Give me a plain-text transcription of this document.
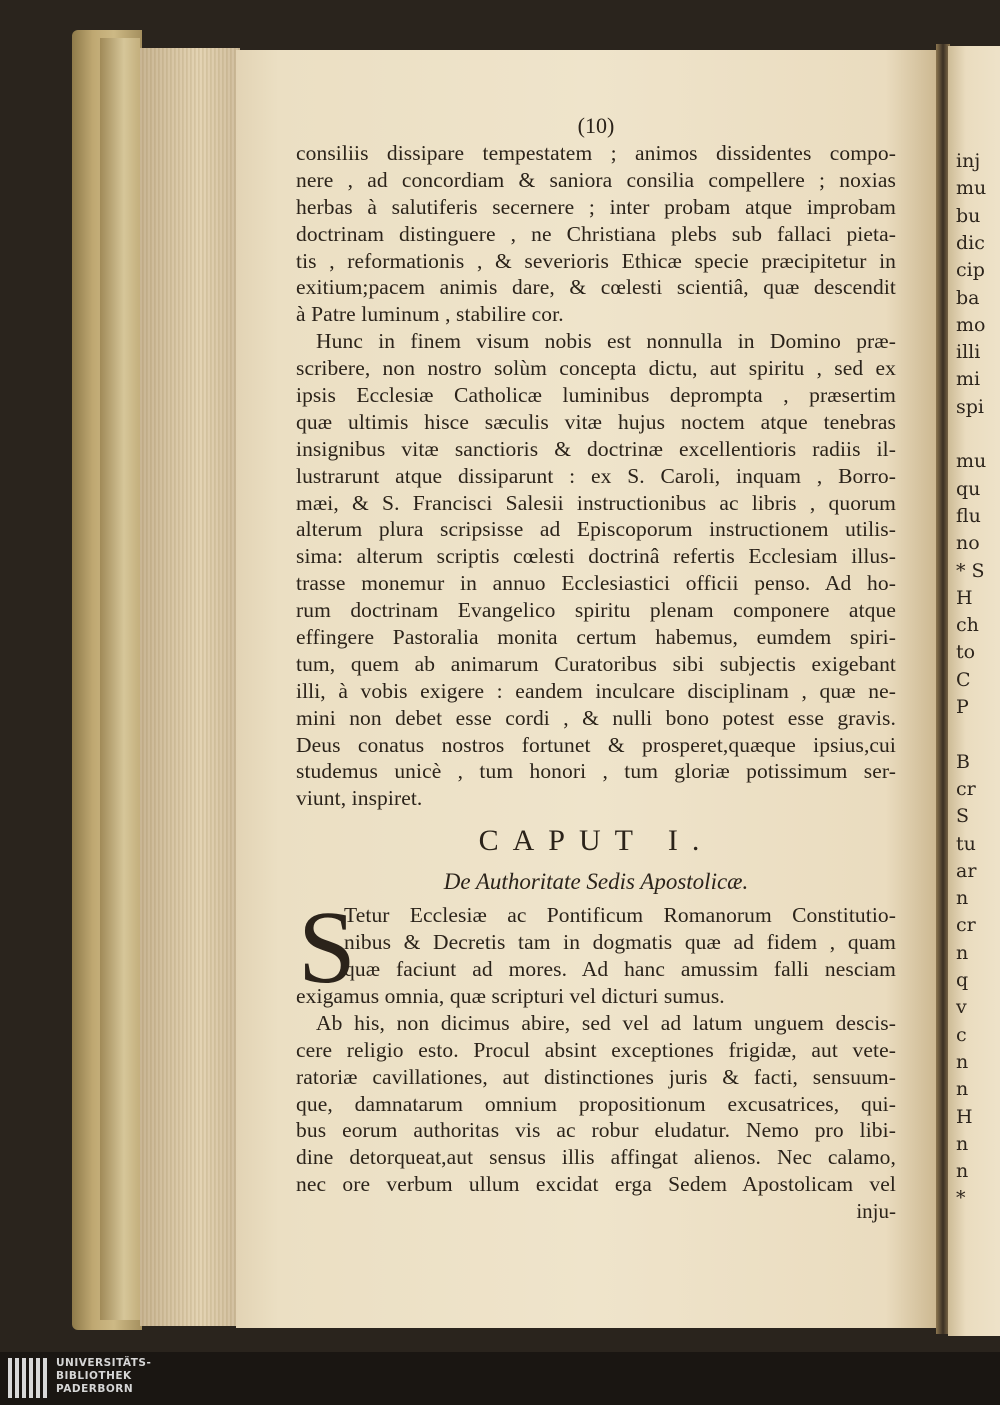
inj
mu
bu
dic
cip
ba
mo
illi
mi
spi
mu
qu
flu
no
* S
H
ch
to
C
P
B
cr
S
tu
ar
n
cr
n
q
v
c
n
n
H
n
n
*
(10)
consiliis dissipare tempestatem ; animos dissidentes compo-
nere , ad concordiam & saniora consilia compellere ; noxias
herbas à salutiferis secernere ; inter probam atque improbam
doctrinam distinguere , ne Christiana plebs sub fallaci pieta-
tis , reformationis , & severioris Ethicæ specie præcipitetur in
exitium;pacem animis dare, & cœlesti scientiâ, quæ descendit
à Patre luminum , stabilire cor.
Hunc in finem visum nobis est nonnulla in Domino præ-
scribere, non nostro solùm concepta dictu, aut spiritu , sed ex
ipsis Ecclesiæ Catholicæ luminibus deprompta , præsertim
quæ ultimis hisce sæculis vitæ hujus noctem atque tenebras
insignibus vitæ sanctioris & doctrinæ excellentioris radiis il-
lustrarunt atque dissiparunt : ex S. Caroli, inquam , Borro-
mæi, & S. Francisci Salesii instructionibus ac libris , quorum
alterum plura scripsisse ad Episcoporum instructionem utilis-
sima: alterum scriptis cœlesti doctrinâ refertis Ecclesiam illus-
trasse monemur in annuo Ecclesiastici officii penso. Ad ho-
rum doctrinam Evangelico spiritu plenam componere atque
effingere Pastoralia monita certum habemus, eumdem spiri-
tum, quem ab animarum Curatoribus sibi subjectis exigebant
illi, à vobis exigere : eandem inculcare disciplinam , quæ ne-
mini non debet esse cordi , & nulli bono potest esse gravis.
Deus conatus nostros fortunet & prosperet,quæque ipsius,cui
studemus unicè , tum honori , tum gloriæ potissimum ser-
viunt, inspiret.
CAPUT I.
De Authoritate Sedis Apostolicæ.
S
Tetur Ecclesiæ ac Pontificum Romanorum Constitutio-
nibus & Decretis tam in dogmatis quæ ad fidem , quam
quæ faciunt ad mores. Ad hanc amussim falli nesciam
exigamus omnia, quæ scripturi vel dicturi sumus.
Ab his, non dicimus abire, sed vel ad latum unguem descis-
cere religio esto. Procul absint exceptiones frigidæ, aut vete-
ratoriæ cavillationes, aut distinctiones juris & facti, sensuum-
que, damnatarum omnium propositionum excusatrices, qui-
bus eorum authoritas vis ac robur eludatur. Nemo pro libi-
dine detorqueat,aut sensus illis affingat alienos. Nec calamo,
nec ore verbum ullum excidat erga Sedem Apostolicam vel
inju-
UNIVERSITÄTS-
BIBLIOTHEK
PADERBORN
